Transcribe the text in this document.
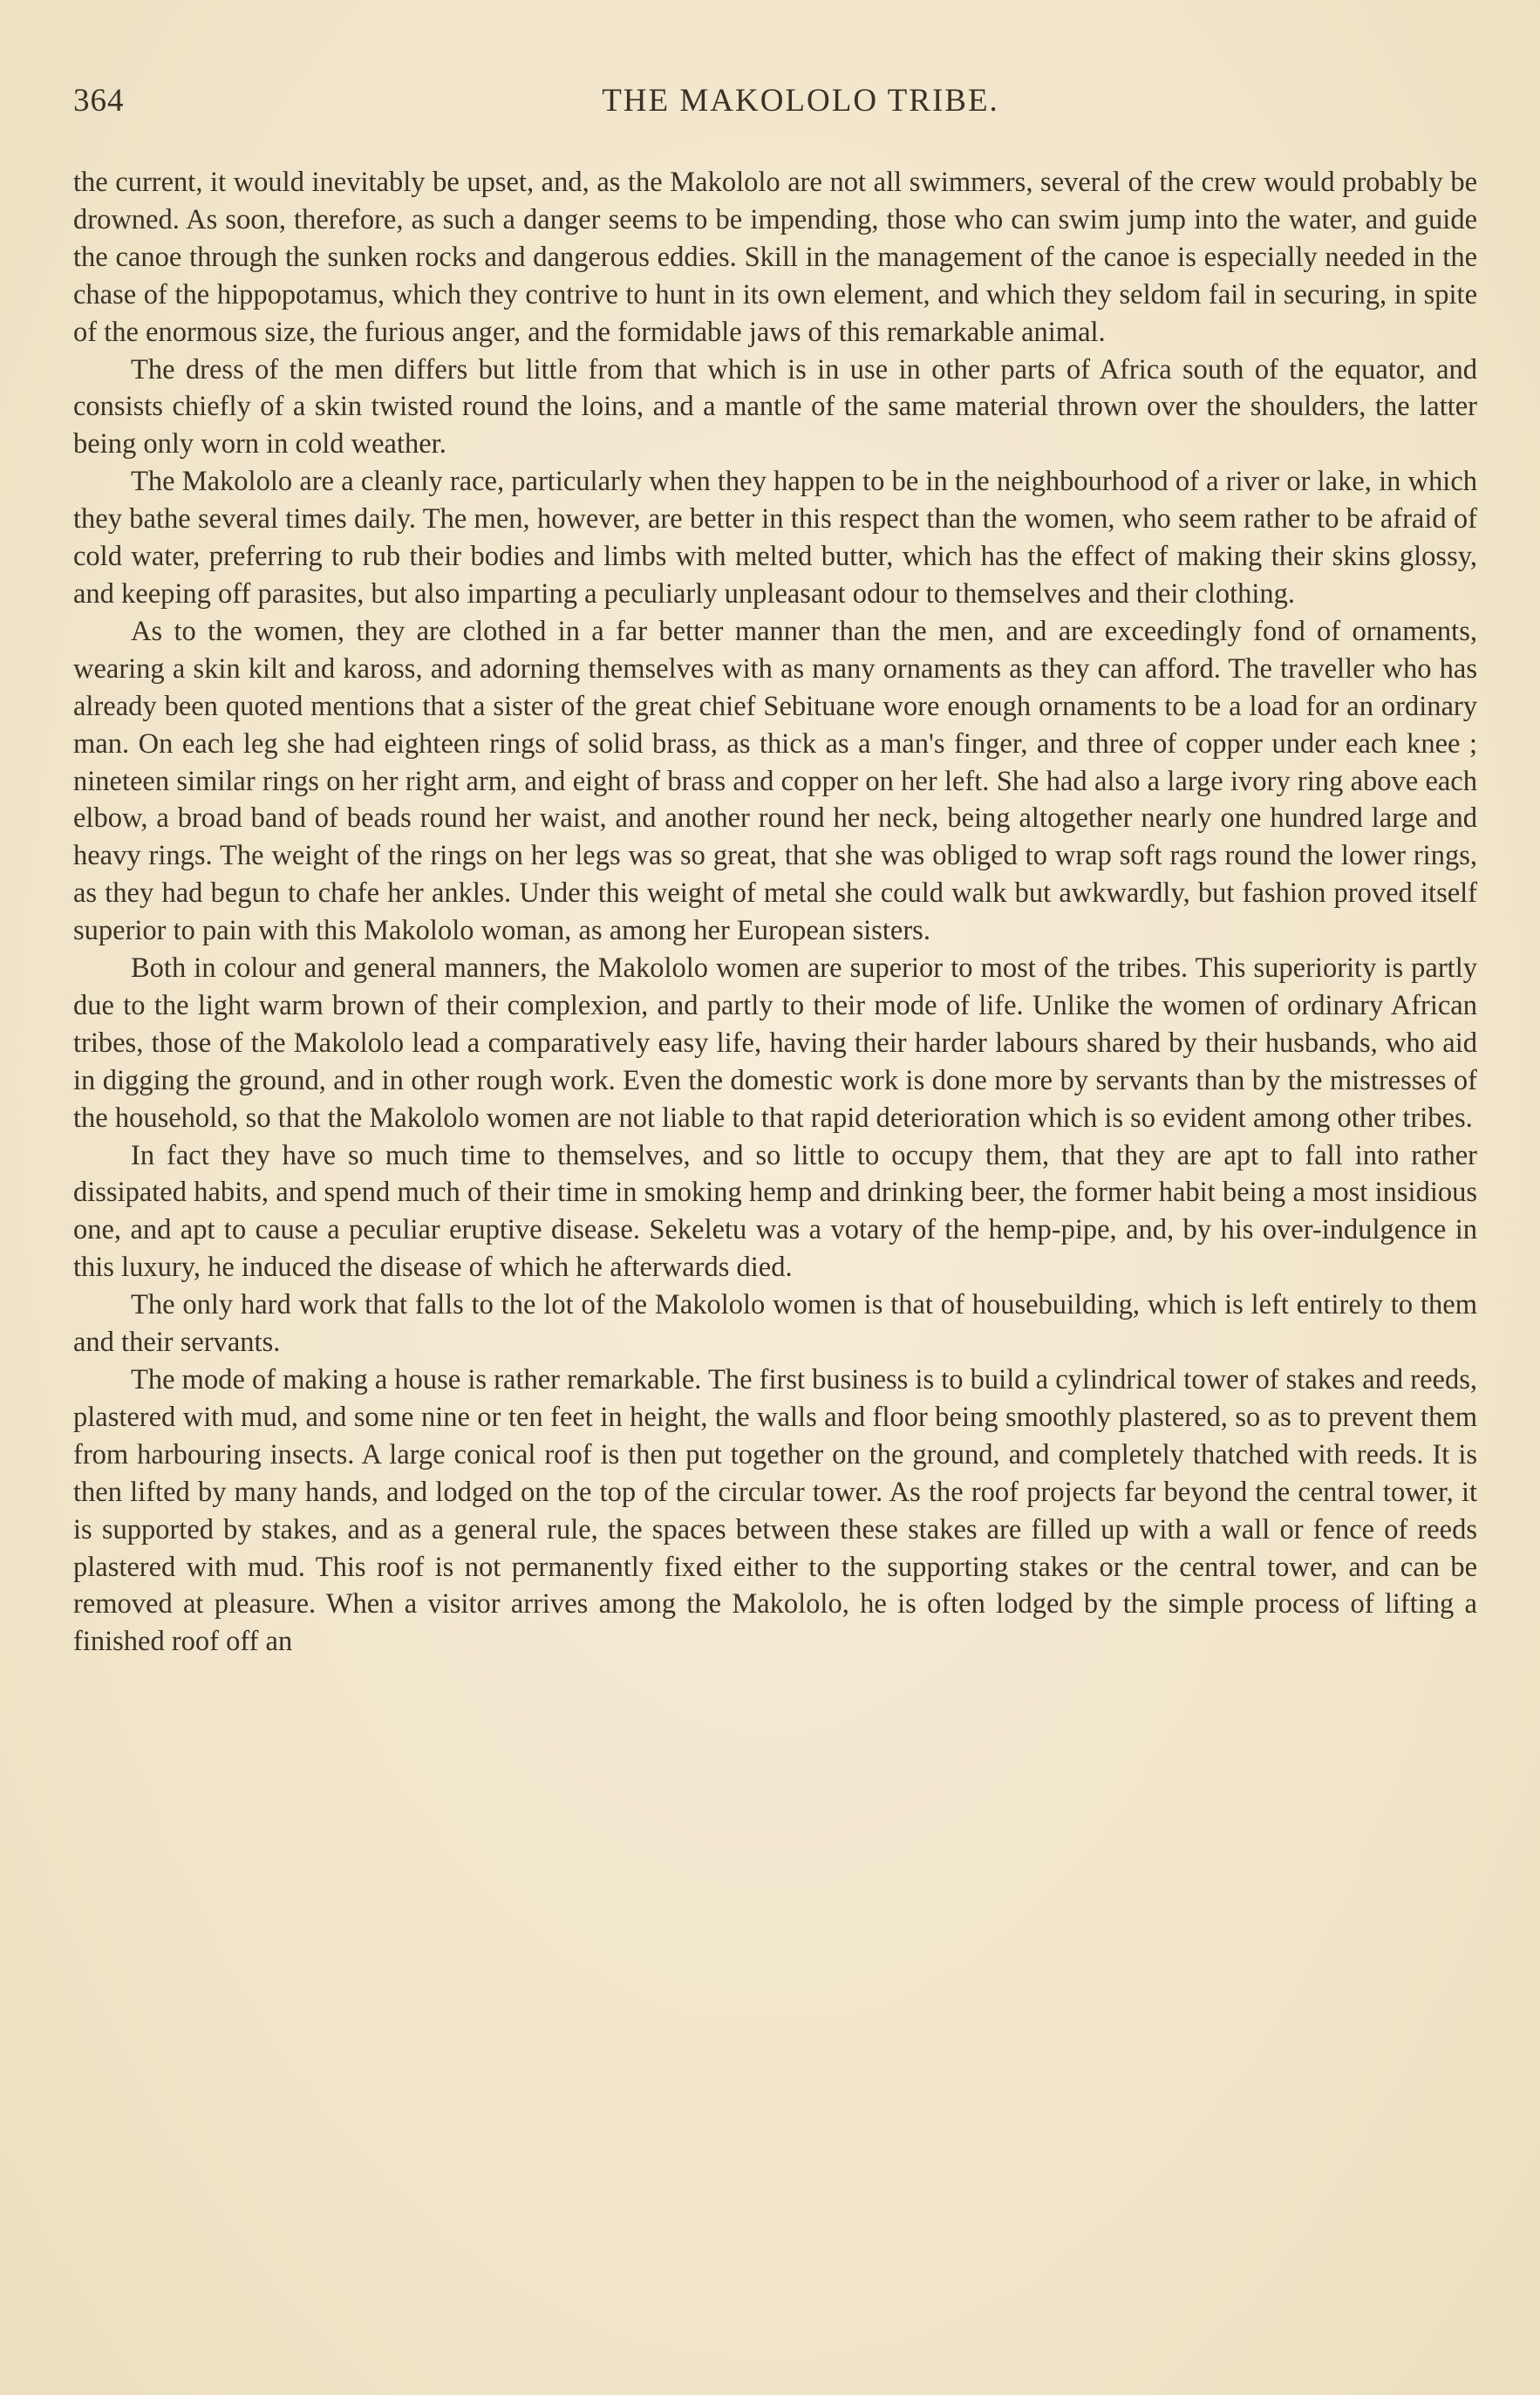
364	THE MAKOLOLO TRIBE.

the current, it would inevitably be upset, and, as the Makololo are not all swimmers, several of the crew would probably be drowned. As soon, therefore, as such a danger seems to be impending, those who can swim jump into the water, and guide the canoe through the sunken rocks and dangerous eddies. Skill in the management of the canoe is especially needed in the chase of the hippopotamus, which they contrive to hunt in its own element, and which they seldom fail in securing, in spite of the enormous size, the furious anger, and the formidable jaws of this remarkable animal.

The dress of the men differs but little from that which is in use in other parts of Africa south of the equator, and consists chiefly of a skin twisted round the loins, and a mantle of the same material thrown over the shoulders, the latter being only worn in cold weather.

The Makololo are a cleanly race, particularly when they happen to be in the neighbourhood of a river or lake, in which they bathe several times daily. The men, however, are better in this respect than the women, who seem rather to be afraid of cold water, preferring to rub their bodies and limbs with melted butter, which has the effect of making their skins glossy, and keeping off parasites, but also imparting a peculiarly unpleasant odour to themselves and their clothing.

As to the women, they are clothed in a far better manner than the men, and are exceedingly fond of ornaments, wearing a skin kilt and kaross, and adorning themselves with as many ornaments as they can afford. The traveller who has already been quoted mentions that a sister of the great chief Sebituane wore enough ornaments to be a load for an ordinary man. On each leg she had eighteen rings of solid brass, as thick as a man's finger, and three of copper under each knee ; nineteen similar rings on her right arm, and eight of brass and copper on her left. She had also a large ivory ring above each elbow, a broad band of beads round her waist, and another round her neck, being altogether nearly one hundred large and heavy rings. The weight of the rings on her legs was so great, that she was obliged to wrap soft rags round the lower rings, as they had begun to chafe her ankles. Under this weight of metal she could walk but awkwardly, but fashion proved itself superior to pain with this Makololo woman, as among her European sisters.

Both in colour and general manners, the Makololo women are superior to most of the tribes. This superiority is partly due to the light warm brown of their complexion, and partly to their mode of life. Unlike the women of ordinary African tribes, those of the Makololo lead a comparatively easy life, having their harder labours shared by their husbands, who aid in digging the ground, and in other rough work. Even the domestic work is done more by servants than by the mistresses of the household, so that the Makololo women are not liable to that rapid deterioration which is so evident among other tribes.

In fact they have so much time to themselves, and so little to occupy them, that they are apt to fall into rather dissipated habits, and spend much of their time in smoking hemp and drinking beer, the former habit being a most insidious one, and apt to cause a peculiar eruptive disease. Sekeletu was a votary of the hemp-pipe, and, by his over-indulgence in this luxury, he induced the disease of which he afterwards died.

The only hard work that falls to the lot of the Makololo women is that of housebuilding, which is left entirely to them and their servants.

The mode of making a house is rather remarkable. The first business is to build a cylindrical tower of stakes and reeds, plastered with mud, and some nine or ten feet in height, the walls and floor being smoothly plastered, so as to prevent them from harbouring insects. A large conical roof is then put together on the ground, and completely thatched with reeds. It is then lifted by many hands, and lodged on the top of the circular tower. As the roof projects far beyond the central tower, it is supported by stakes, and as a general rule, the spaces between these stakes are filled up with a wall or fence of reeds plastered with mud. This roof is not permanently fixed either to the supporting stakes or the central tower, and can be removed at pleasure. When a visitor arrives among the Makololo, he is often lodged by the simple process of lifting a finished roof off an
